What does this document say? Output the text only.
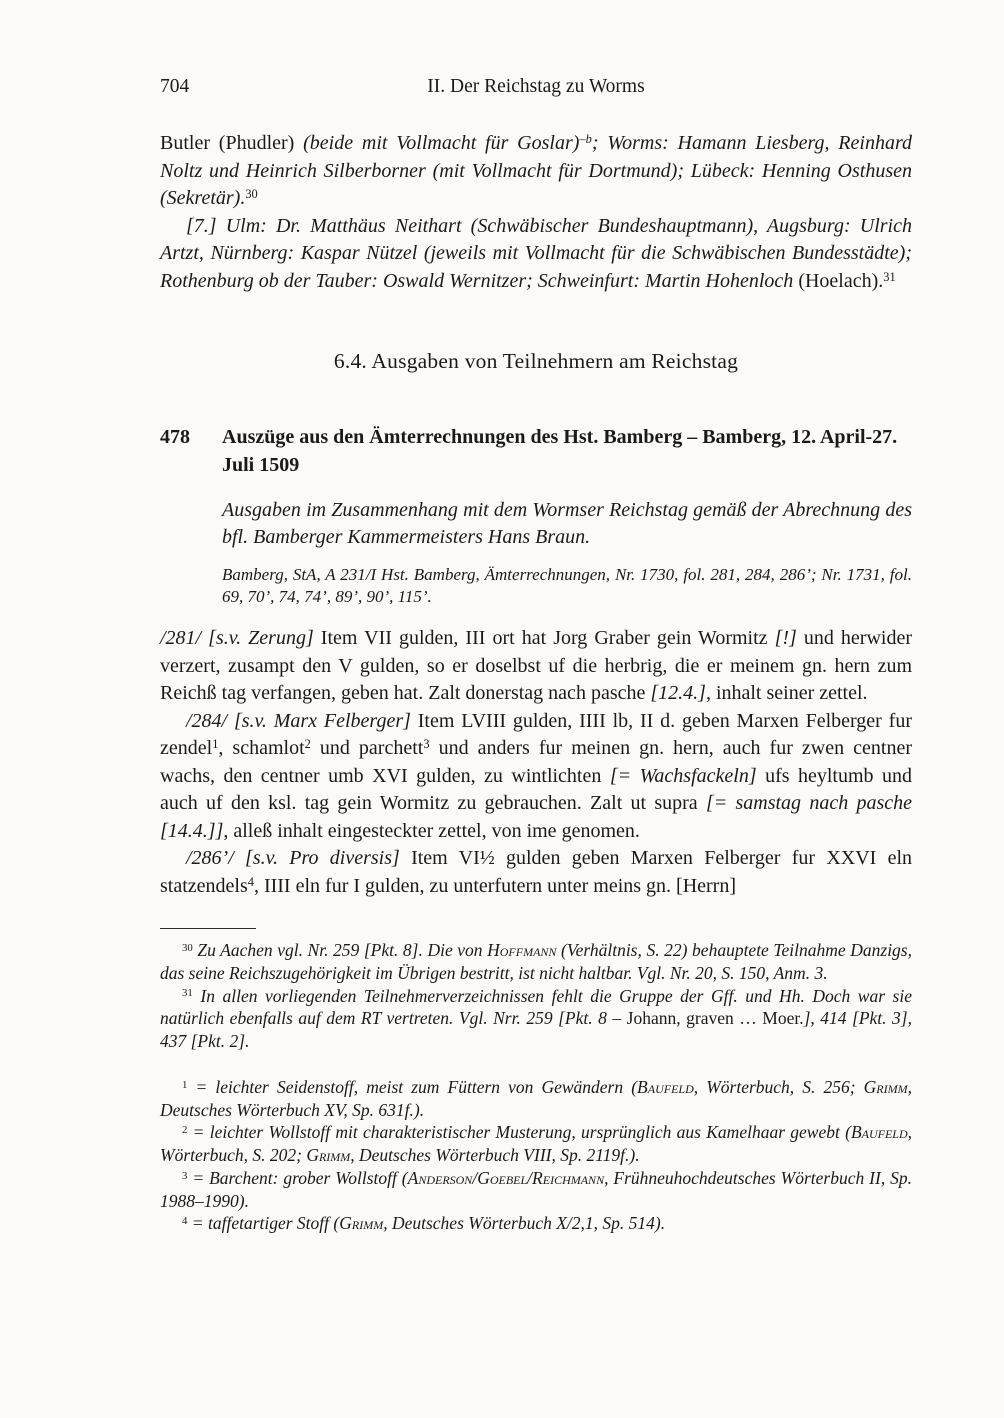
704	II. Der Reichstag zu Worms

Butler (Phudler) (beide mit Vollmacht für Goslar)$^{-b}$; Worms: Hamann Liesberg, Reinhard Noltz und Heinrich Silberborner (mit Vollmacht für Dortmund); Lübeck: Henning Osthusen (Sekretär).$^{30}$

[7.] Ulm: Dr. Matthäus Neithart (Schwäbischer Bundeshauptmann), Augsburg: Ulrich Artzt, Nürnberg: Kaspar Nützel (jeweils mit Vollmacht für die Schwäbischen Bundesstädte); Rothenburg ob der Tauber: Oswald Wernitzer; Schweinfurt: Martin Hohenloch (Hoelach).$^{31}$

6.4. Ausgaben von Teilnehmern am Reichstag
478	Auszüge aus den Ämterrechnungen des Hst. Bamberg – Bamberg, 12. April-27. Juli 1509

Ausgaben im Zusammenhang mit dem Wormser Reichstag gemäß der Abrechnung des bfl. Bamberger Kammermeisters Hans Braun.

Bamberg, StA, A 231/I Hst. Bamberg, Ämterrechnungen, Nr. 1730, fol. 281, 284, 286’; Nr. 1731, fol. 69, 70’, 74, 74’, 89’, 90’, 115’.

/281/ [s.v. Zerung] Item VII gulden, III ort hat Jorg Graber gein Wormitz [!] und herwider verzert, zusampt den V gulden, so er doselbst uf die herbrig, die er meinem gn. hern zum Reichß tag verfangen, geben hat. Zalt donerstag nach pasche [12.4.], inhalt seiner zettel.

/284/ [s.v. Marx Felberger] Item LVIII gulden, IIII lb, II d. geben Marxen Felberger fur zendel$^1$, schamlot$^2$ und parchett$^3$ und anders fur meinen gn. hern, auch fur zwen centner wachs, den centner umb XVI gulden, zu wintlichten [= Wachsfackeln] ufs heyltumb und auch uf den ksl. tag gein Wormitz zu gebrauchen. Zalt ut supra [= samstag nach pasche [14.4.]], alleß inhalt eingesteckter zettel, von ime genomen.

/286’/ [s.v. Pro diversis] Item VI½ gulden geben Marxen Felberger fur XXVI eln statzendels$^4$, IIII eln fur I gulden, zu unterfutern unter meins gn. [Herrn]

$^{30}$ Zu Aachen vgl. Nr. 259 [Pkt. 8]. Die von Hoffmann (Verhältnis, S. 22) behauptete Teilnahme Danzigs, das seine Reichszugehörigkeit im Übrigen bestritt, ist nicht haltbar. Vgl. Nr. 20, S. 150, Anm. 3.

$^{31}$ In allen vorliegenden Teilnehmerverzeichnissen fehlt die Gruppe der Gff. und Hh. Doch war sie natürlich ebenfalls auf dem RT vertreten. Vgl. Nrr. 259 [Pkt. 8 – Johann, graven … Moer.], 414 [Pkt. 3], 437 [Pkt. 2].

$^1$ = leichter Seidenstoff, meist zum Füttern von Gewändern (Baufeld, Wörterbuch, S. 256; Grimm, Deutsches Wörterbuch XV, Sp. 631f.).

$^2$ = leichter Wollstoff mit charakteristischer Musterung, ursprünglich aus Kamelhaar gewebt (Baufeld, Wörterbuch, S. 202; Grimm, Deutsches Wörterbuch VIII, Sp. 2119f.).

$^3$ = Barchent: grober Wollstoff (Anderson/Goebel/Reichmann, Frühneuhochdeutsches Wörterbuch II, Sp. 1988–1990).

$^4$ = taffetartiger Stoff (Grimm, Deutsches Wörterbuch X/2,1, Sp. 514).
